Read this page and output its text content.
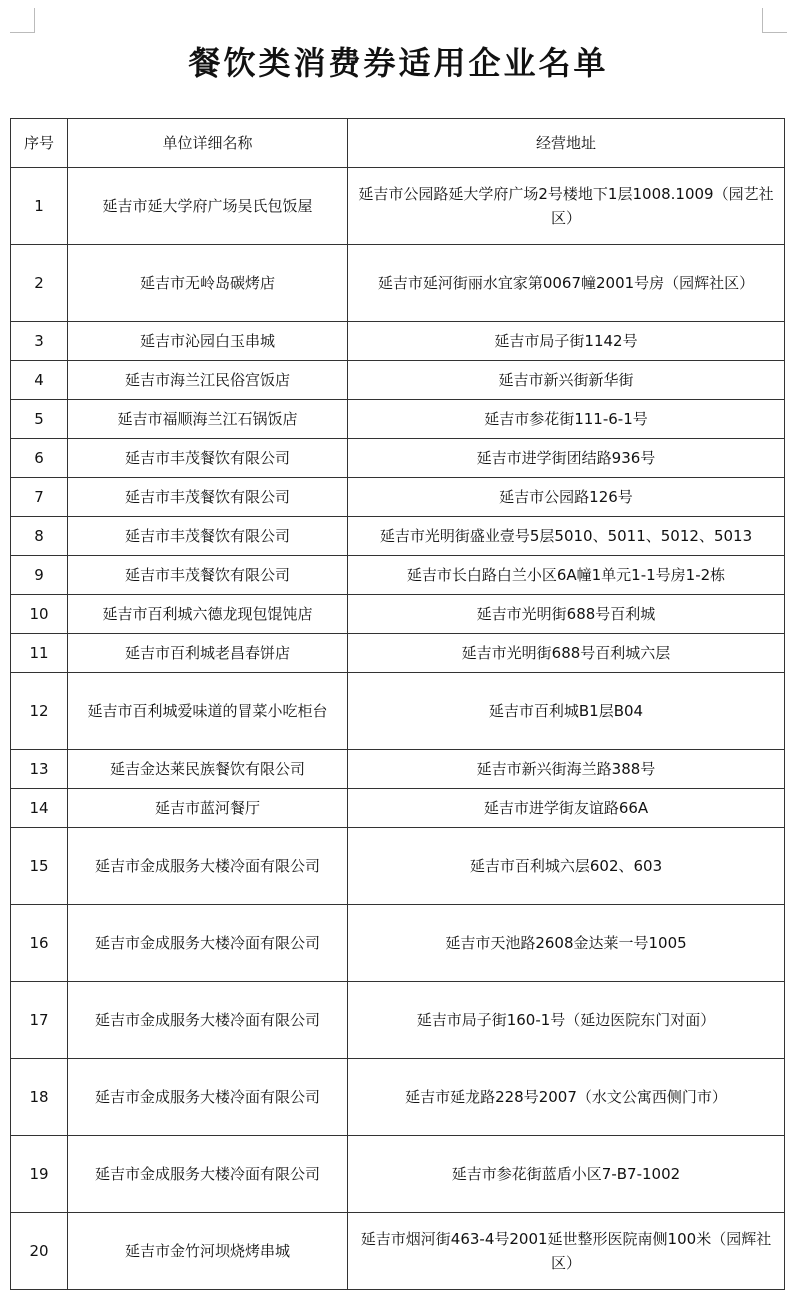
餐饮类消费券适用企业名单
序号	单位详细名称	经营地址
1	延吉市延大学府广场吴氏包饭屋	延吉市公园路延大学府广场2号楼地下1层1008.1009（园艺社区）
2	延吉市无岭岛碳烤店	延吉市延河街丽水宜家第0067幢2001号房（园辉社区）
3	延吉市沁园白玉串城	延吉市局子街1142号
4	延吉市海兰江民俗宫饭店	延吉市新兴街新华街
5	延吉市福顺海兰江石锅饭店	延吉市参花街111-6-1号
6	延吉市丰茂餐饮有限公司	延吉市进学街团结路936号
7	延吉市丰茂餐饮有限公司	延吉市公园路126号
8	延吉市丰茂餐饮有限公司	延吉市光明街盛业壹号5层5010、5011、5012、5013
9	延吉市丰茂餐饮有限公司	延吉市长白路白兰小区6A幢1单元1-1号房1-2栋
10	延吉市百利城六德龙现包馄饨店	延吉市光明街688号百利城
11	延吉市百利城老昌春饼店	延吉市光明街688号百利城六层
12	延吉市百利城爱味道的冒菜小吃柜台	延吉市百利城B1层B04
13	延吉金达莱民族餐饮有限公司	延吉市新兴街海兰路388号
14	延吉市蓝河餐厅	延吉市进学街友谊路66A
15	延吉市金成服务大楼冷面有限公司	延吉市百利城六层602、603
16	延吉市金成服务大楼冷面有限公司	延吉市天池路2608金达莱一号1005
17	延吉市金成服务大楼冷面有限公司	延吉市局子街160-1号（延边医院东门对面）
18	延吉市金成服务大楼冷面有限公司	延吉市延龙路228号2007（水文公寓西侧门市）
19	延吉市金成服务大楼冷面有限公司	延吉市参花街蓝盾小区7-B7-1002
20	延吉市金竹河坝烧烤串城	延吉市烟河街463-4号2001延世整形医院南侧100米（园辉社区）
